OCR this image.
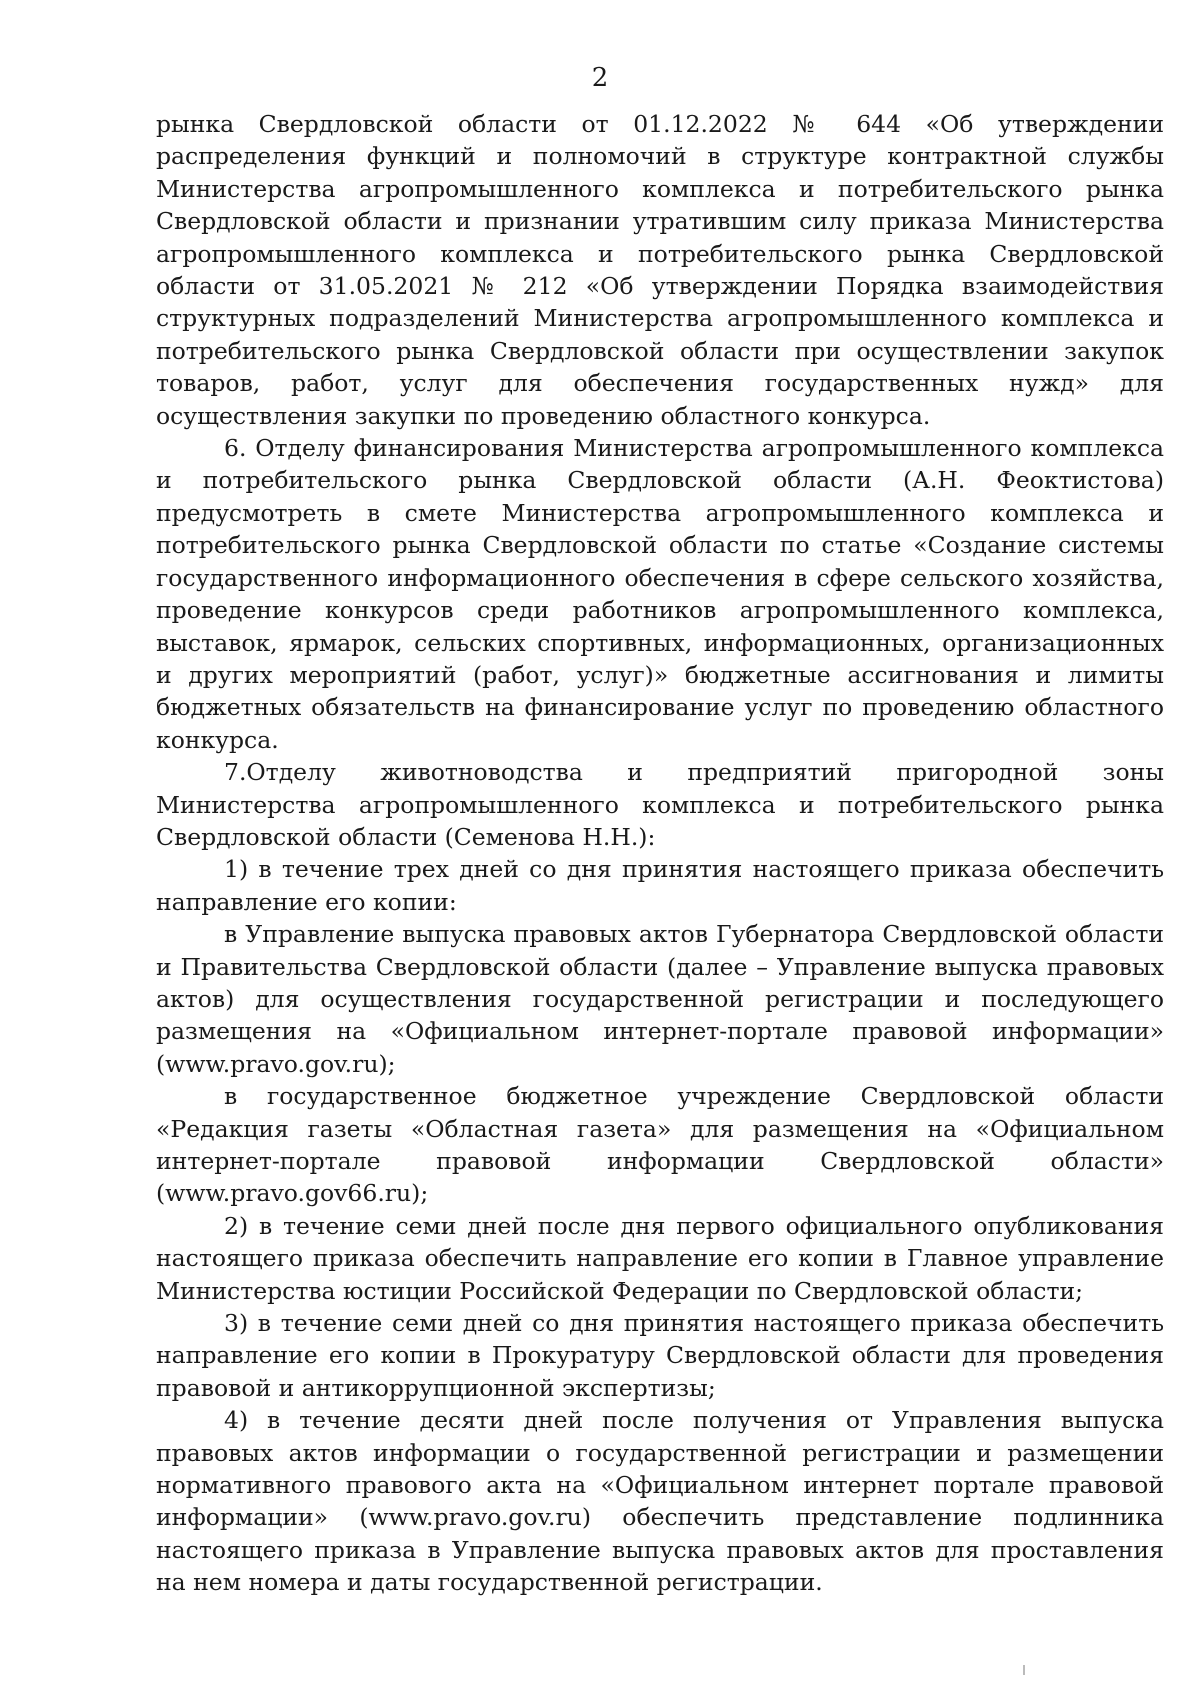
2

рынка Свердловской области от 01.12.2022 № 644 «Об утверждении распределения функций и полномочий в структуре контрактной службы Министерства агропромышленного комплекса и потребительского рынка Свердловской области и признании утратившим силу приказа Министерства агропромышленного комплекса и потребительского рынка Свердловской области от 31.05.2021 № 212 «Об утверждении Порядка взаимодействия структурных подразделений Министерства агропромышленного комплекса и потребительского рынка Свердловской области при осуществлении закупок товаров, работ, услуг для обеспечения государственных нужд» для осуществления закупки по проведению областного конкурса.

6. Отделу финансирования Министерства агропромышленного комплекса и потребительского рынка Свердловской области (А.Н. Феоктистова) предусмотреть в смете Министерства агропромышленного комплекса и потребительского рынка Свердловской области по статье «Создание системы государственного информационного обеспечения в сфере сельского хозяйства, проведение конкурсов среди работников агропромышленного комплекса, выставок, ярмарок, сельских спортивных, информационных, организационных и других мероприятий (работ, услуг)» бюджетные ассигнования и лимиты бюджетных обязательств на финансирование услуг по проведению областного конкурса.

7.Отделу животноводства и предприятий пригородной зоны Министерства агропромышленного комплекса и потребительского рынка Свердловской области (Семенова Н.Н.):

1) в течение трех дней со дня принятия настоящего приказа обеспечить направление его копии:

в Управление выпуска правовых актов Губернатора Свердловской области и Правительства Свердловской области (далее – Управление выпуска правовых актов) для осуществления государственной регистрации и последующего размещения на «Официальном интернет-портале правовой информации» (www.pravo.gov.ru);

в государственное бюджетное учреждение Свердловской области «Редакция газеты «Областная газета» для размещения на «Официальном интернет-портале правовой информации Свердловской области» (www.pravo.gov66.ru);

2) в течение семи дней после дня первого официального опубликования настоящего приказа обеспечить направление его копии в Главное управление Министерства юстиции Российской Федерации по Свердловской области;

3) в течение семи дней со дня принятия настоящего приказа обеспечить направление его копии в Прокуратуру Свердловской области для проведения правовой и антикоррупционной экспертизы;

4) в течение десяти дней после получения от Управления выпуска правовых актов информации о государственной регистрации и размещении нормативного правового акта на «Официальном интернет портале правовой информации» (www.pravo.gov.ru) обеспечить представление подлинника настоящего приказа в Управление выпуска правовых актов для проставления на нем номера и даты государственной регистрации.
